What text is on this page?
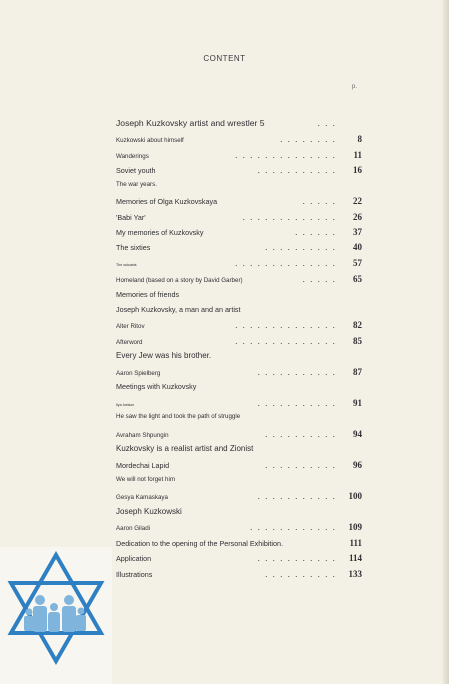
CONTENT
p.
Joseph Kuzkovsky artist and wrestler 5	...
Kuzkowski about himself	........	8
Wanderings	..............	11
Soviet youth	...........	16
The war years.
Memories of Olga Kuzkovskaya	.....	22
'Babi Yar'	.............	26
My memories of Kuzkovsky	......	37
The sixties	..........	40
The outcasts	..............	57
Homeland (based on a story by David Garber)	.....	65
Memories of friends
Joseph Kuzkovsky, a man and an artist
Alter Ritov	..............	82
Afterword	..............	85
Every Jew was his brother.
Aaron Spielberg	...........	87
Meetings with Kuzkovsky
Ilya Ioelson	...........	91
He saw the light and took the path of struggle
Avraham Shpungin	..........	94
Kuzkovsky is a realist artist and Zionist
Mordechai Lapid	..........	96
We will not forget him
Gesya Kamaskaya	........... 100
Joseph Kuzkowski
Aaron Giladi	............ 109
Dedication to the opening of the Personal Exhibition.	111
Application	........... 114
Illustrations	.......... 133
